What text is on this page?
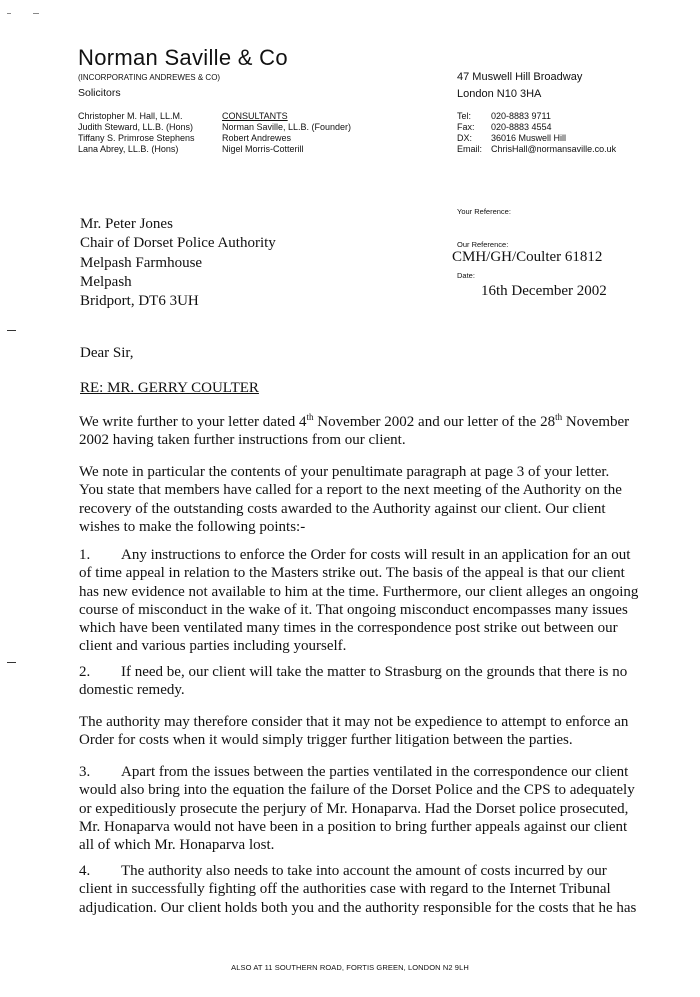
Norman Saville & Co
(INCORPORATING ANDREWES & CO)
Solicitors
Christopher M. Hall, LL.M.
Judith Steward, LL.B. (Hons)
Tiffany S. Primrose Stephens
Lana Abrey, LL.B. (Hons)
CONSULTANTS
Norman Saville, LL.B. (Founder)
Robert Andrewes
Nigel Morris-Cotterill
47 Muswell Hill Broadway
London N10 3HA
Tel: 020-8883 9711
Fax: 020-8883 4554
DX: 36016 Muswell Hill
Email: ChrisHall@normansaville.co.uk
Your Reference:
Our Reference:
CMH/GH/Coulter 61812
Date:
16th December 2002
Mr. Peter Jones
Chair of Dorset Police Authority
Melpash Farmhouse
Melpash
Bridport, DT6 3UH
Dear Sir,
RE: MR. GERRY COULTER
We write further to your letter dated 4th November 2002 and our letter of the 28th November
2002 having taken further instructions from our client.
We note in particular the contents of your penultimate paragraph at page 3 of your letter.
You state that members have called for a report to the next meeting of the Authority on the
recovery of the outstanding costs awarded to the Authority against our client. Our client
wishes to make the following points:-
1. Any instructions to enforce the Order for costs will result in an application for an out
of time appeal in relation to the Masters strike out. The basis of the appeal is that our client
has new evidence not available to him at the time. Furthermore, our client alleges an ongoing
course of misconduct in the wake of it. That ongoing misconduct encompasses many issues
which have been ventilated many times in the correspondence post strike out between our
client and various parties including yourself.
2. If need be, our client will take the matter to Strasburg on the grounds that there is no
domestic remedy.
The authority may therefore consider that it may not be expedience to attempt to enforce an
Order for costs when it would simply trigger further litigation between the parties.
3. Apart from the issues between the parties ventilated in the correspondence our client
would also bring into the equation the failure of the Dorset Police and the CPS to adequately
or expeditiously prosecute the perjury of Mr. Honaparva. Had the Dorset police prosecuted,
Mr. Honaparva would not have been in a position to bring further appeals against our client
all of which Mr. Honaparva lost.
4. The authority also needs to take into account the amount of costs incurred by our
client in successfully fighting off the authorities case with regard to the Internet Tribunal
adjudication. Our client holds both you and the authority responsible for the costs that he has
ALSO AT 11 SOUTHERN ROAD, FORTIS GREEN, LONDON N2 9LH
